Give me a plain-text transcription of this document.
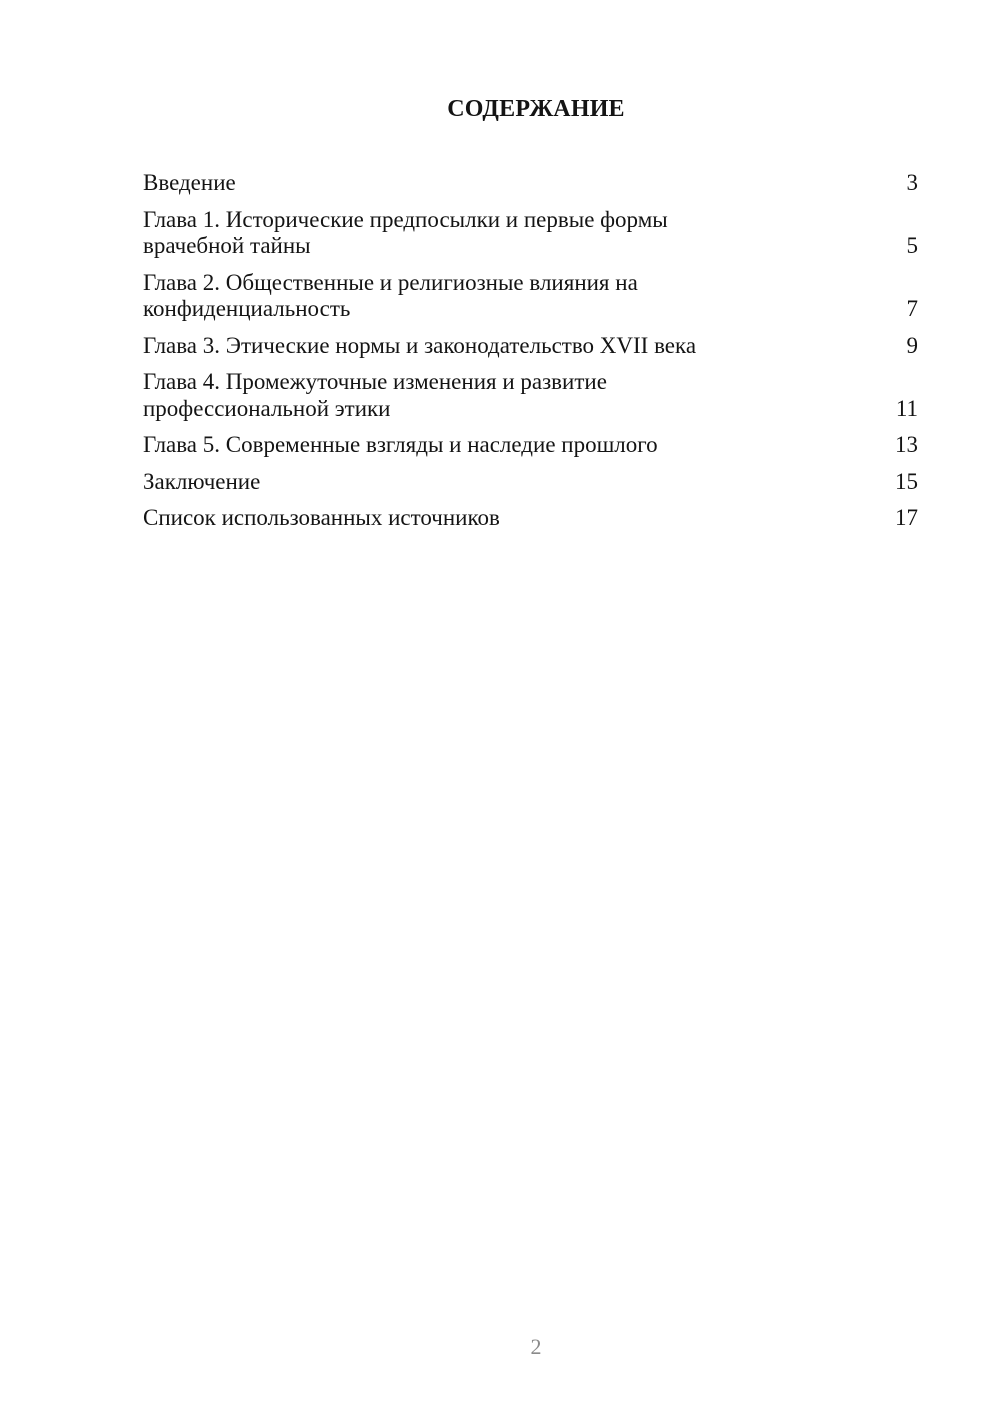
СОДЕРЖАНИЕ
Введение	3
Глава 1. Исторические предпосылки и первые формы врачебной тайны	5
Глава 2. Общественные и религиозные влияния на конфиденциальность	7
Глава 3. Этические нормы и законодательство XVII века	9
Глава 4. Промежуточные изменения и развитие профессиональной этики	11
Глава 5. Современные взгляды и наследие прошлого	13
Заключение	15
Список использованных источников	17
2
